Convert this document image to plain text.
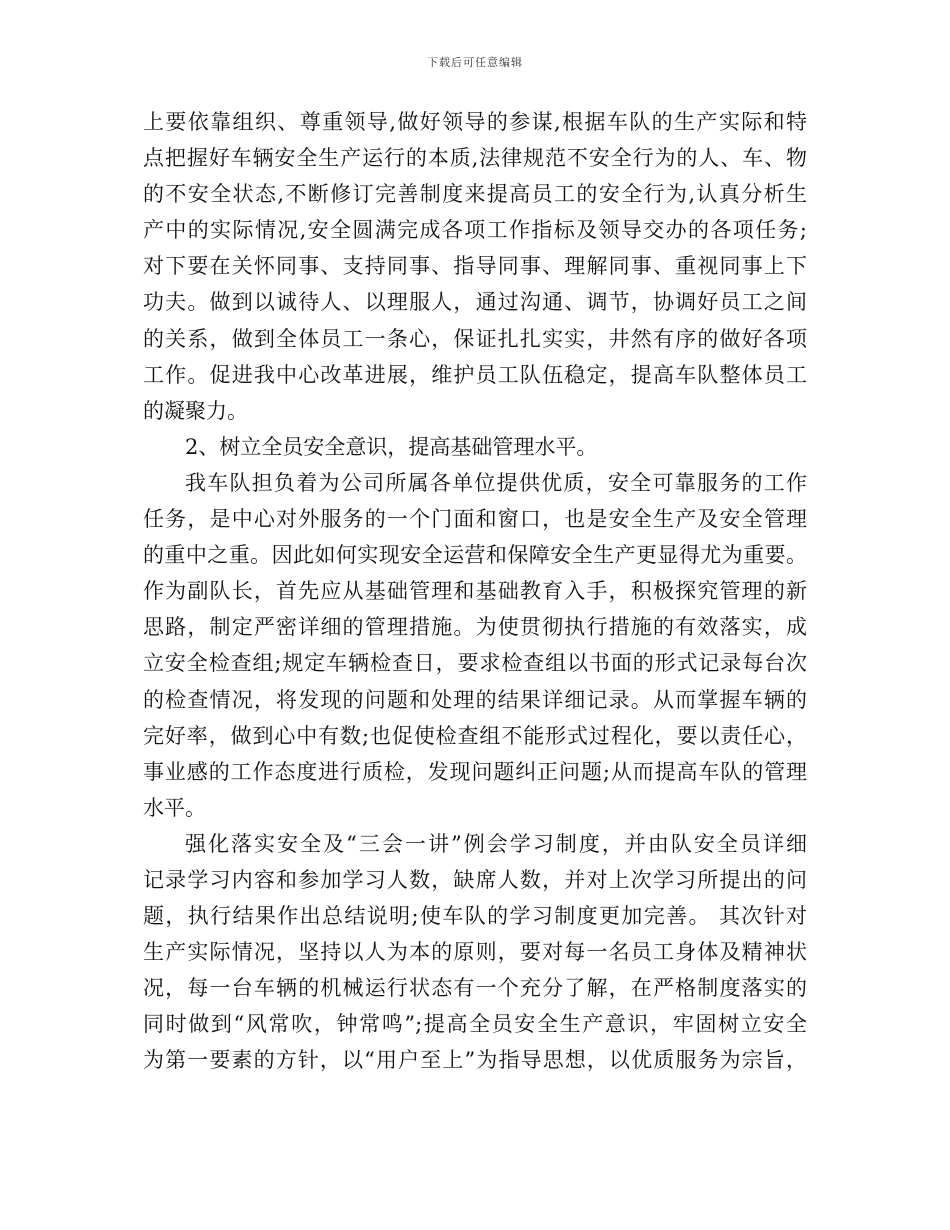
下载后可任意编辑
上要依靠组织、尊重领导,做好领导的参谋,根据车队的生产实际和特
点把握好车辆安全生产运行的本质,法律规范不安全行为的人、车、物
的不安全状态,不断修订完善制度来提高员工的安全行为,认真分析生
产中的实际情况,安全圆满完成各项工作指标及领导交办的各项任务;
对下要在关怀同事、支持同事、指导同事、理解同事、重视同事上下
功夫。做到以诚待人、以理服人，通过沟通、调节，协调好员工之间
的关系，做到全体员工一条心，保证扎扎实实，井然有序的做好各项
工作。促进我中心改革进展，维护员工队伍稳定，提高车队整体员工
的凝聚力。
2、树立全员安全意识，提高基础管理水平。
我车队担负着为公司所属各单位提供优质，安全可靠服务的工作
任务，是中心对外服务的一个门面和窗口，也是安全生产及安全管理
的重中之重。因此如何实现安全运营和保障安全生产更显得尤为重要。
作为副队长，首先应从基础管理和基础教育入手，积极探究管理的新
思路，制定严密详细的管理措施。为使贯彻执行措施的有效落实，成
立安全检查组;规定车辆检查日，要求检查组以书面的形式记录每台次
的检查情况，将发现的问题和处理的结果详细记录。从而掌握车辆的
完好率，做到心中有数;也促使检查组不能形式过程化，要以责任心，
事业感的工作态度进行质检，发现问题纠正问题;从而提高车队的管理
水平。
强化落实安全及“三会一讲”例会学习制度，并由队安全员详细
记录学习内容和参加学习人数，缺席人数，并对上次学习所提出的问
题，执行结果作出总结说明;使车队的学习制度更加完善。 其次针对
生产实际情况，坚持以人为本的原则，要对每一名员工身体及精神状
况，每一台车辆的机械运行状态有一个充分了解，在严格制度落实的
同时做到“风常吹，钟常鸣”;提高全员安全生产意识，牢固树立安全
为第一要素的方针，以“用户至上”为指导思想，以优质服务为宗旨，
